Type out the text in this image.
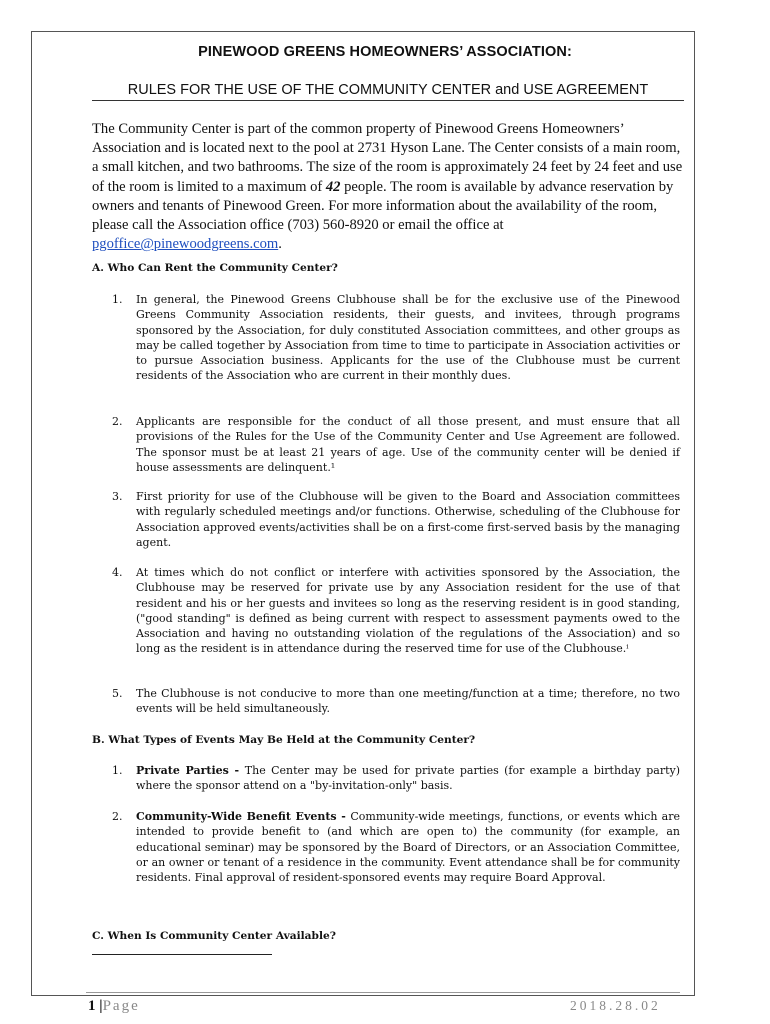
PINEWOOD GREENS HOMEOWNERS’ ASSOCIATION:
RULES FOR THE USE OF THE COMMUNITY CENTER and USE AGREEMENT
The Community Center is part of the common property of Pinewood Greens Homeowners’ Association and is located next to the pool at 2731 Hyson Lane. The Center consists of a main room, a small kitchen, and two bathrooms. The size of the room is approximately 24 feet by 24 feet and use of the room is limited to a maximum of 42 people. The room is available by advance reservation by owners and tenants of Pinewood Green. For more information about the availability of the room, please call the Association office (703) 560-8920 or email the office at pgoffice@pinewoodgreens.com.
A. Who Can Rent the Community Center?
1. In general, the Pinewood Greens Clubhouse shall be for the exclusive use of the Pinewood Greens Community Association residents, their guests, and invitees, through programs sponsored by the Association, for duly constituted Association committees, and other groups as may be called together by Association from time to time to participate in Association activities or to pursue Association business. Applicants for the use of the Clubhouse must be current residents of the Association who are current in their monthly dues.
2. Applicants are responsible for the conduct of all those present, and must ensure that all provisions of the Rules for the Use of the Community Center and Use Agreement are followed. The sponsor must be at least 21 years of age. Use of the community center will be denied if house assessments are delinquent.¹
3. First priority for use of the Clubhouse will be given to the Board and Association committees with regularly scheduled meetings and/or functions. Otherwise, scheduling of the Clubhouse for Association approved events/activities shall be on a first-come first-served basis by the managing agent.
4. At times which do not conflict or interfere with activities sponsored by the Association, the Clubhouse may be reserved for private use by any Association resident for the use of that resident and his or her guests and invitees so long as the reserving resident is in good standing, ("good standing" is defined as being current with respect to assessment payments owed to the Association and having no outstanding violation of the regulations of the Association) and so long as the resident is in attendance during the reserved time for use of the Clubhouse.ⁱ
5. The Clubhouse is not conducive to more than one meeting/function at a time; therefore, no two events will be held simultaneously.
B. What Types of Events May Be Held at the Community Center?
1. Private Parties - The Center may be used for private parties (for example a birthday party) where the sponsor attend on a "by-invitation-only" basis.
2. Community-Wide Benefit Events - Community-wide meetings, functions, or events which are intended to provide benefit to (and which are open to) the community (for example, an educational seminar) may be sponsored by the Board of Directors, or an Association Committee, or an owner or tenant of a residence in the community. Event attendance shall be for community residents. Final approval of resident-sponsored events may require Board Approval.
C. When Is Community Center Available?
1 |Page	2018.28.02
